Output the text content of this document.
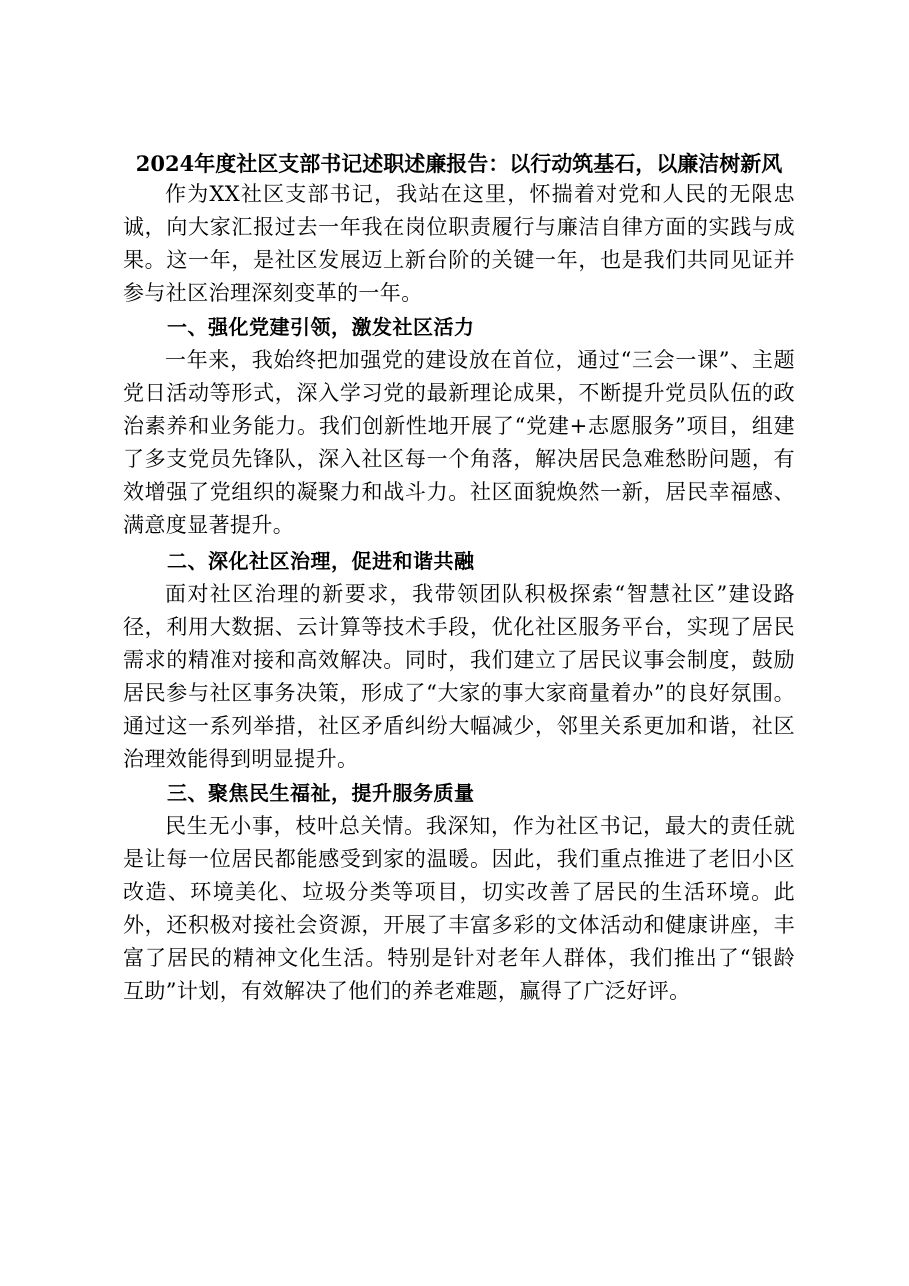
2024年度社区支部书记述职述廉报告：以行动筑基石，以廉洁树新风

作为XX社区支部书记，我站在这里，怀揣着对党和人民的无限忠诚，向大家汇报过去一年我在岗位职责履行与廉洁自律方面的实践与成果。这一年，是社区发展迈上新台阶的关键一年，也是我们共同见证并参与社区治理深刻变革的一年。

一、强化党建引领，激发社区活力

一年来，我始终把加强党的建设放在首位，通过“三会一课”、主题党日活动等形式，深入学习党的最新理论成果，不断提升党员队伍的政治素养和业务能力。我们创新性地开展了“党建+志愿服务”项目，组建了多支党员先锋队，深入社区每一个角落，解决居民急难愁盼问题，有效增强了党组织的凝聚力和战斗力。社区面貌焕然一新，居民幸福感、满意度显著提升。

二、深化社区治理，促进和谐共融

面对社区治理的新要求，我带领团队积极探索“智慧社区”建设路径，利用大数据、云计算等技术手段，优化社区服务平台，实现了居民需求的精准对接和高效解决。同时，我们建立了居民议事会制度，鼓励居民参与社区事务决策，形成了“大家的事大家商量着办”的良好氛围。通过这一系列举措，社区矛盾纠纷大幅减少，邻里关系更加和谐，社区治理效能得到明显提升。

三、聚焦民生福祉，提升服务质量

民生无小事，枝叶总关情。我深知，作为社区书记，最大的责任就是让每一位居民都能感受到家的温暖。因此，我们重点推进了老旧小区改造、环境美化、垃圾分类等项目，切实改善了居民的生活环境。此外，还积极对接社会资源，开展了丰富多彩的文体活动和健康讲座，丰富了居民的精神文化生活。特别是针对老年人群体，我们推出了“银龄互助”计划，有效解决了他们的养老难题，赢得了广泛好评。
